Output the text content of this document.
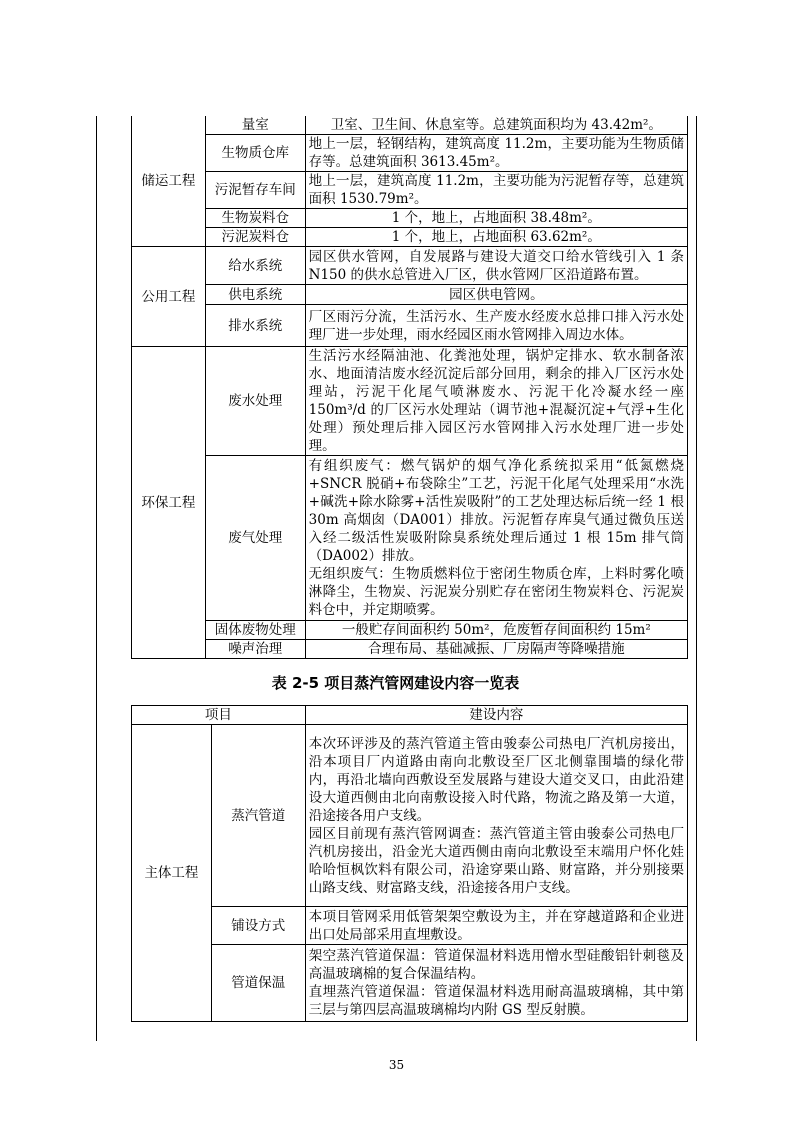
储运工程	量室	卫室、卫生间、休息室等。总建筑面积均为 43.42m²。
	生物质仓库	地上一层，轻钢结构，建筑高度 11.2m，主要功能为生物质储存等。总建筑面积 3613.45m²。
	污泥暂存车间	地上一层，建筑高度 11.2m，主要功能为污泥暂存等，总建筑面积 1530.79m²。
	生物炭料仓	1 个，地上，占地面积 38.48m²。
	污泥炭料仓	1 个，地上，占地面积 63.62m²。
公用工程	给水系统	园区供水管网，自发展路与建设大道交口给水管线引入 1 条 N150 的供水总管进入厂区，供水管网厂区沿道路布置。
	供电系统	园区供电管网。
	排水系统	厂区雨污分流，生活污水、生产废水经废水总排口排入污水处理厂进一步处理，雨水经园区雨水管网排入周边水体。
环保工程	废水处理	生活污水经隔油池、化粪池处理，锅炉定排水、软水制备浓水、地面清洁废水经沉淀后部分回用，剩余的排入厂区污水处理站，污泥干化尾气喷淋废水、污泥干化冷凝水经一座 150m³/d 的厂区污水处理站（调节池+混凝沉淀+气浮+生化处理）预处理后排入园区污水管网排入污水处理厂进一步处理。
	废气处理	有组织废气：燃气锅炉的烟气净化系统拟采用“低氮燃烧+SNCR 脱硝+布袋除尘”工艺，污泥干化尾气处理采用“水洗+碱洗+除水除雾+活性炭吸附”的工艺处理达标后统一经 1 根 30m 高烟囱（DA001）排放。污泥暂存库臭气通过微负压送入经二级活性炭吸附除臭系统处理后通过 1 根 15m 排气筒（DA002）排放。
无组织废气：生物质燃料位于密闭生物质仓库，上料时雾化喷淋降尘，生物炭、污泥炭分别贮存在密闭生物炭料仓、污泥炭料仓中，并定期喷雾。

	固体废物处理	一般贮存间面积约 50m²，危废暂存间面积约 15m²
	噪声治理	合理布局、基础减振、厂房隔声等降噪措施
表 2-5 项目蒸汽管网建设内容一览表
项目		建设内容
主体工程	蒸汽管道	本次环评涉及的蒸汽管道主管由骏泰公司热电厂汽机房接出，沿本项目厂内道路由南向北敷设至厂区北侧靠围墙的绿化带内，再沿北墙向西敷设至发展路与建设大道交叉口，由此沿建设大道西侧由北向南敷设接入时代路，物流之路及第一大道，沿途接各用户支线。
园区目前现有蒸汽管网调查：蒸汽管道主管由骏泰公司热电厂汽机房接出，沿金光大道西侧由南向北敷设至末端用户怀化娃哈哈恒枫饮料有限公司，沿途穿栗山路、财富路，并分别接栗山路支线、财富路支线，沿途接各用户支线。

	铺设方式	本项目管网采用低管架架空敷设为主，并在穿越道路和企业进出口处局部采用直埋敷设。
	管道保温	架空蒸汽管道保温：管道保温材料选用憎水型硅酸铝针刺毯及高温玻璃棉的复合保温结构。
直埋蒸汽管道保温：管道保温材料选用耐高温玻璃棉，其中第三层与第四层高温玻璃棉均内附 GS 型反射膜。
35
